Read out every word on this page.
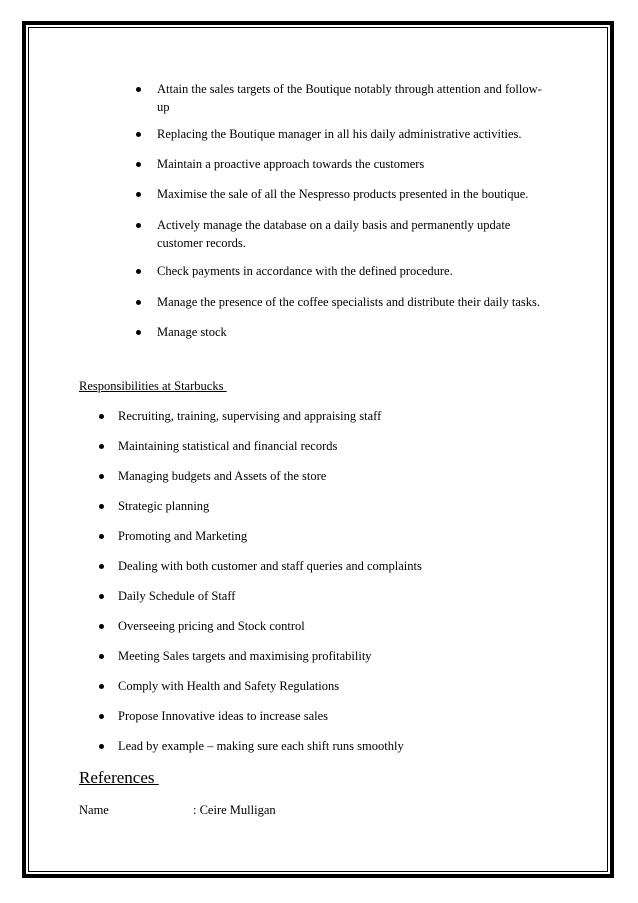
Attain the sales targets of the Boutique notably through attention and follow-
up
Replacing the Boutique manager in all his daily administrative activities.
Maintain a proactive approach towards the customers
Maximise the sale of all the Nespresso products presented in the boutique.
Actively manage the database on a daily basis and permanently update
customer records.
Check payments in accordance with the defined procedure.
Manage the presence of the coffee specialists and distribute their daily tasks.
Manage stock
Responsibilities at Starbucks
Recruiting, training, supervising and appraising staff
Maintaining statistical and financial records
Managing budgets and Assets of the store
Strategic planning
Promoting and Marketing
Dealing with both customer and staff queries and complaints
Daily Schedule of Staff
Overseeing pricing and Stock control
Meeting Sales targets and maximising profitability
Comply with Health and Safety Regulations
Propose Innovative ideas to increase sales
Lead by example – making sure each shift runs smoothly
References
Name	: Ceire Mulligan
